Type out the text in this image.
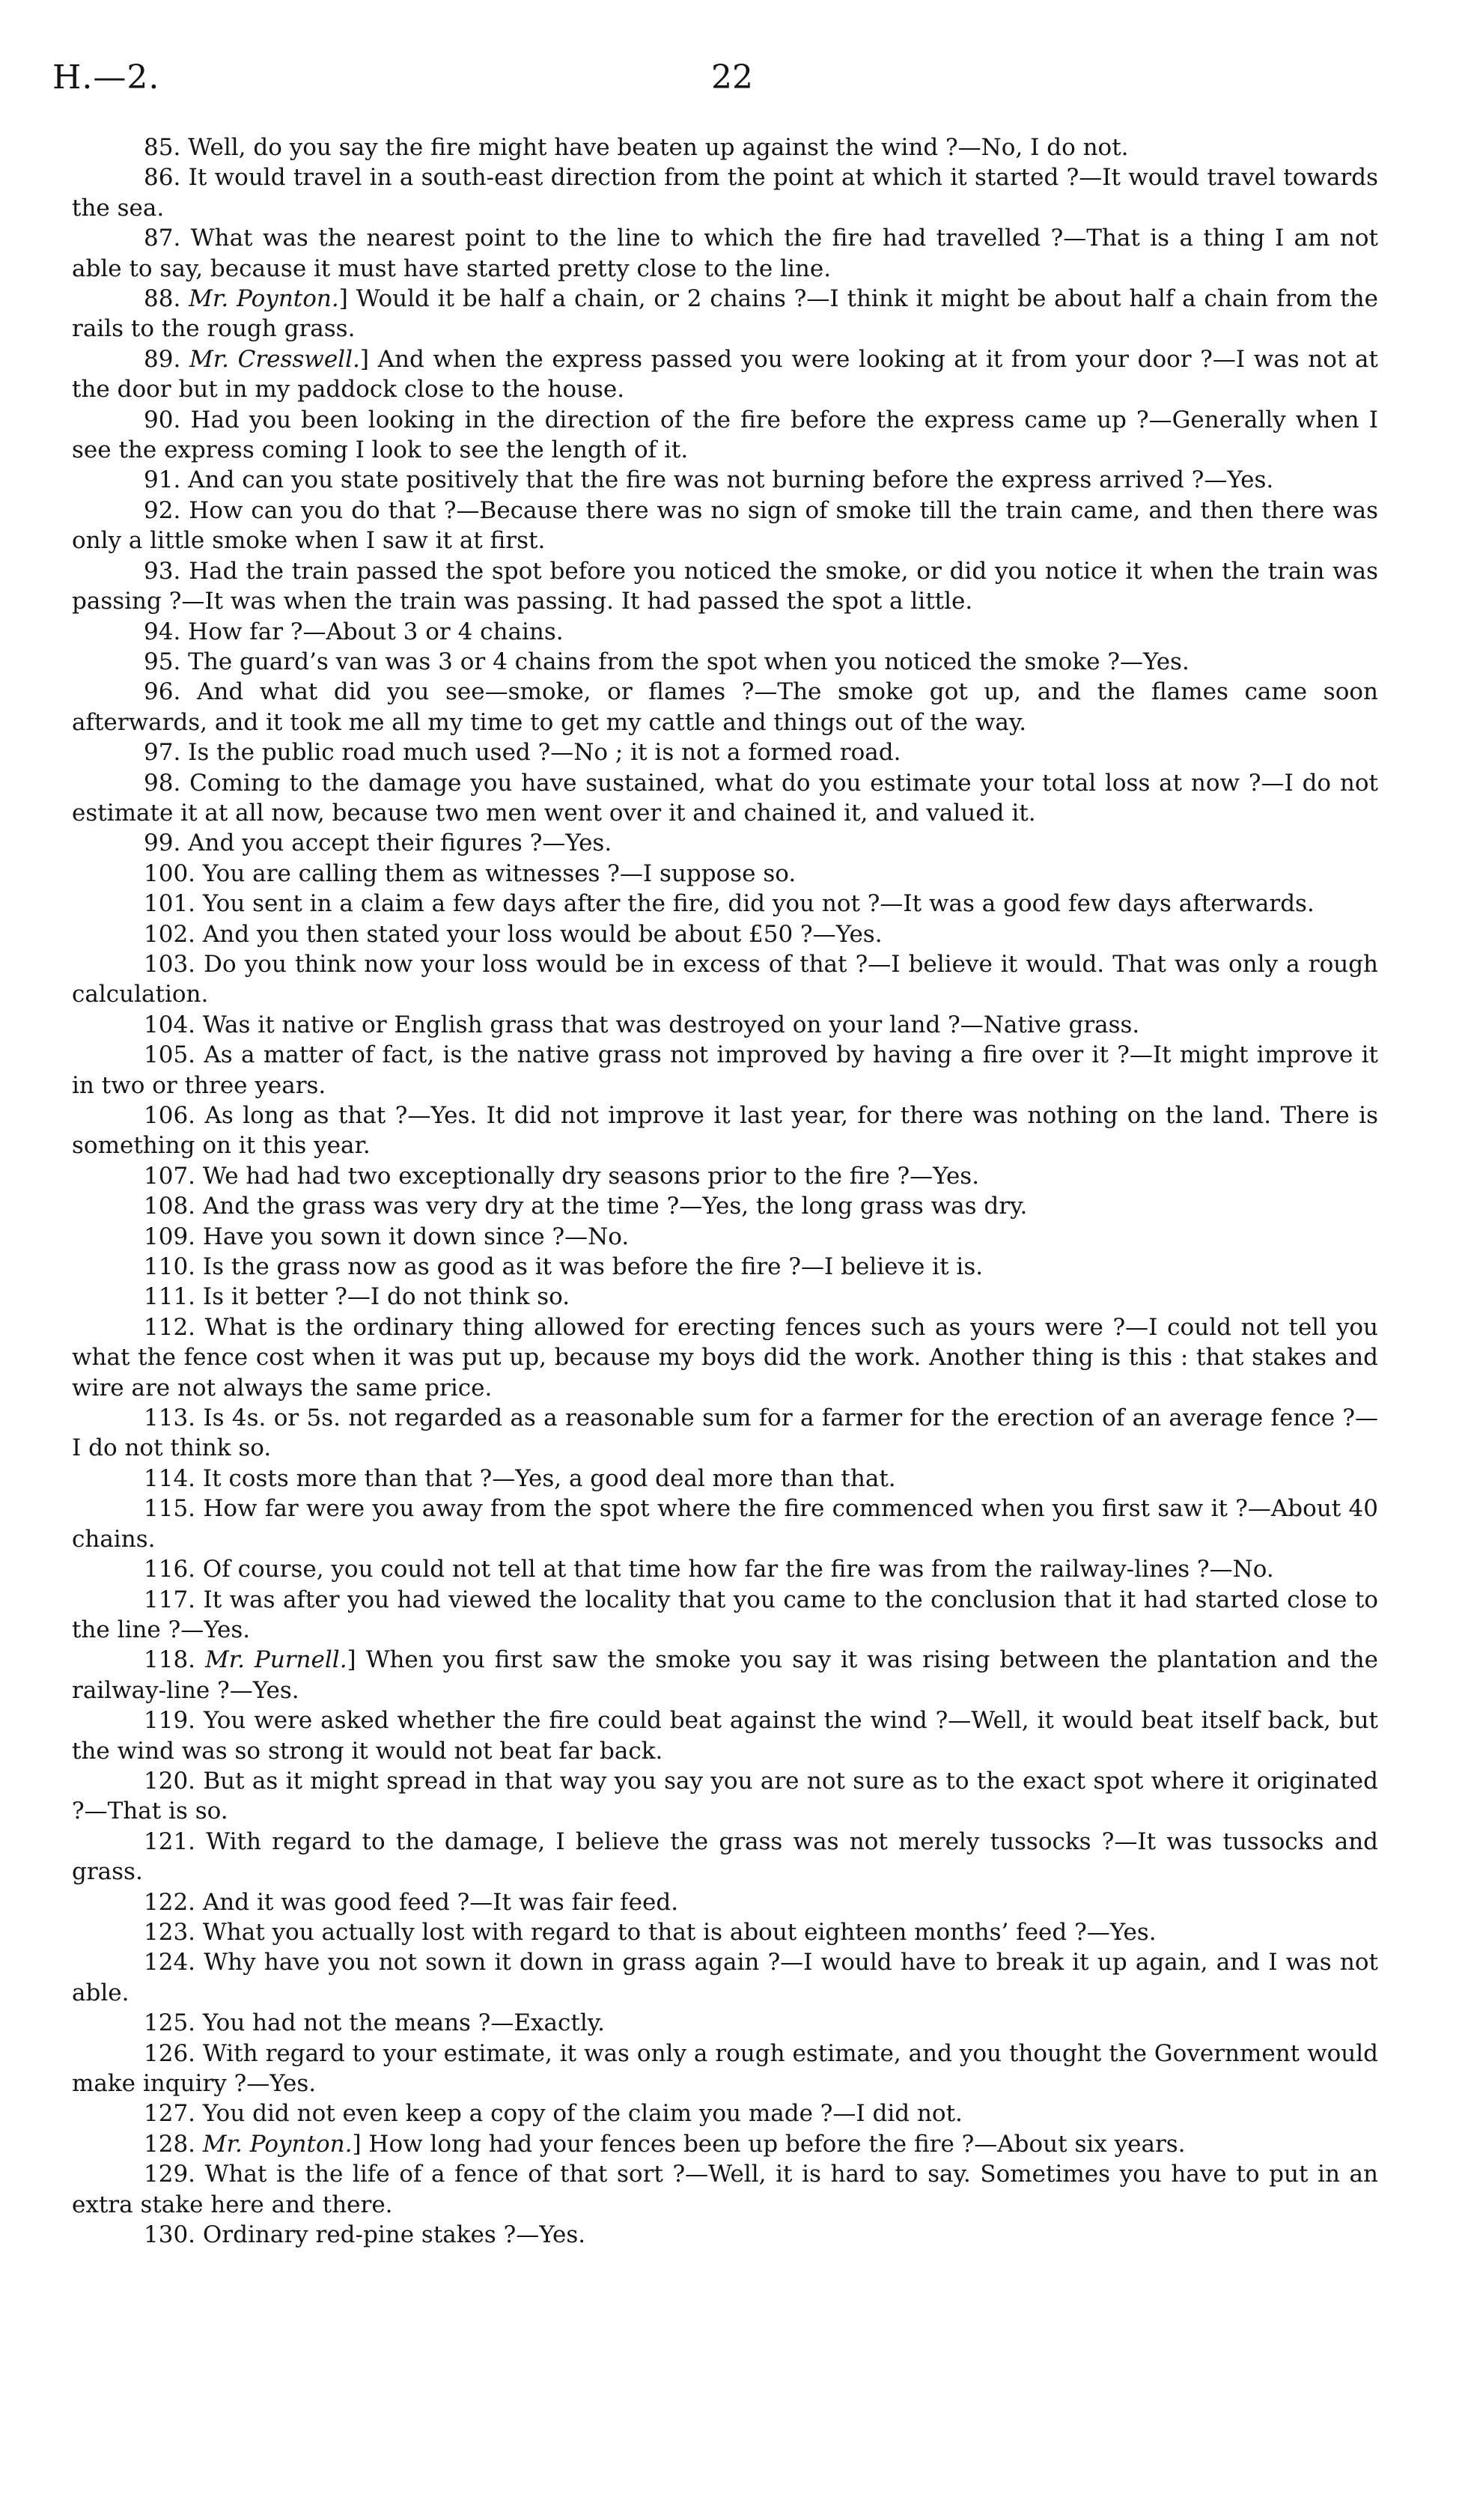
H.—2.	22

85. Well, do you say the fire might have beaten up against the wind ?—No, I do not.

86. It would travel in a south-east direction from the point at which it started ?—It would travel towards the sea.

87. What was the nearest point to the line to which the fire had travelled ?—That is a thing I am not able to say, because it must have started pretty close to the line.

88. Mr. Poynton.] Would it be half a chain, or 2 chains ?—I think it might be about half a chain from the rails to the rough grass.

89. Mr. Cresswell.] And when the express passed you were looking at it from your door ?—I was not at the door but in my paddock close to the house.

90. Had you been looking in the direction of the fire before the express came up ?—Generally when I see the express coming I look to see the length of it.

91. And can you state positively that the fire was not burning before the express arrived ?—Yes.

92. How can you do that ?—Because there was no sign of smoke till the train came, and then there was only a little smoke when I saw it at first.

93. Had the train passed the spot before you noticed the smoke, or did you notice it when the train was passing ?—It was when the train was passing. It had passed the spot a little.

94. How far ?—About 3 or 4 chains.

95. The guard’s van was 3 or 4 chains from the spot when you noticed the smoke ?—Yes.

96. And what did you see—smoke, or flames ?—The smoke got up, and the flames came soon afterwards, and it took me all my time to get my cattle and things out of the way.

97. Is the public road much used ?—No ; it is not a formed road.

98. Coming to the damage you have sustained, what do you estimate your total loss at now ?—I do not estimate it at all now, because two men went over it and chained it, and valued it.

99. And you accept their figures ?—Yes.

100. You are calling them as witnesses ?—I suppose so.

101. You sent in a claim a few days after the fire, did you not ?—It was a good few days afterwards.

102. And you then stated your loss would be about £50 ?—Yes.

103. Do you think now your loss would be in excess of that ?—I believe it would. That was only a rough calculation.

104. Was it native or English grass that was destroyed on your land ?—Native grass.

105. As a matter of fact, is the native grass not improved by having a fire over it ?—It might improve it in two or three years.

106. As long as that ?—Yes. It did not improve it last year, for there was nothing on the land. There is something on it this year.

107. We had had two exceptionally dry seasons prior to the fire ?—Yes.

108. And the grass was very dry at the time ?—Yes, the long grass was dry.

109. Have you sown it down since ?—No.

110. Is the grass now as good as it was before the fire ?—I believe it is.

111. Is it better ?—I do not think so.

112. What is the ordinary thing allowed for erecting fences such as yours were ?—I could not tell you what the fence cost when it was put up, because my boys did the work. Another thing is this : that stakes and wire are not always the same price.

113. Is 4s. or 5s. not regarded as a reasonable sum for a farmer for the erection of an average fence ?—I do not think so.

114. It costs more than that ?—Yes, a good deal more than that.

115. How far were you away from the spot where the fire commenced when you first saw it ?—About 40 chains.

116. Of course, you could not tell at that time how far the fire was from the railway-lines ?—No.

117. It was after you had viewed the locality that you came to the conclusion that it had started close to the line ?—Yes.

118. Mr. Purnell.] When you first saw the smoke you say it was rising between the plantation and the railway-line ?—Yes.

119. You were asked whether the fire could beat against the wind ?—Well, it would beat itself back, but the wind was so strong it would not beat far back.

120. But as it might spread in that way you say you are not sure as to the exact spot where it originated ?—That is so.

121. With regard to the damage, I believe the grass was not merely tussocks ?—It was tussocks and grass.

122. And it was good feed ?—It was fair feed.

123. What you actually lost with regard to that is about eighteen months’ feed ?—Yes.

124. Why have you not sown it down in grass again ?—I would have to break it up again, and I was not able.

125. You had not the means ?—Exactly.

126. With regard to your estimate, it was only a rough estimate, and you thought the Government would make inquiry ?—Yes.

127. You did not even keep a copy of the claim you made ?—I did not.

128. Mr. Poynton.] How long had your fences been up before the fire ?—About six years.

129. What is the life of a fence of that sort ?—Well, it is hard to say. Sometimes you have to put in an extra stake here and there.

130. Ordinary red-pine stakes ?—Yes.
